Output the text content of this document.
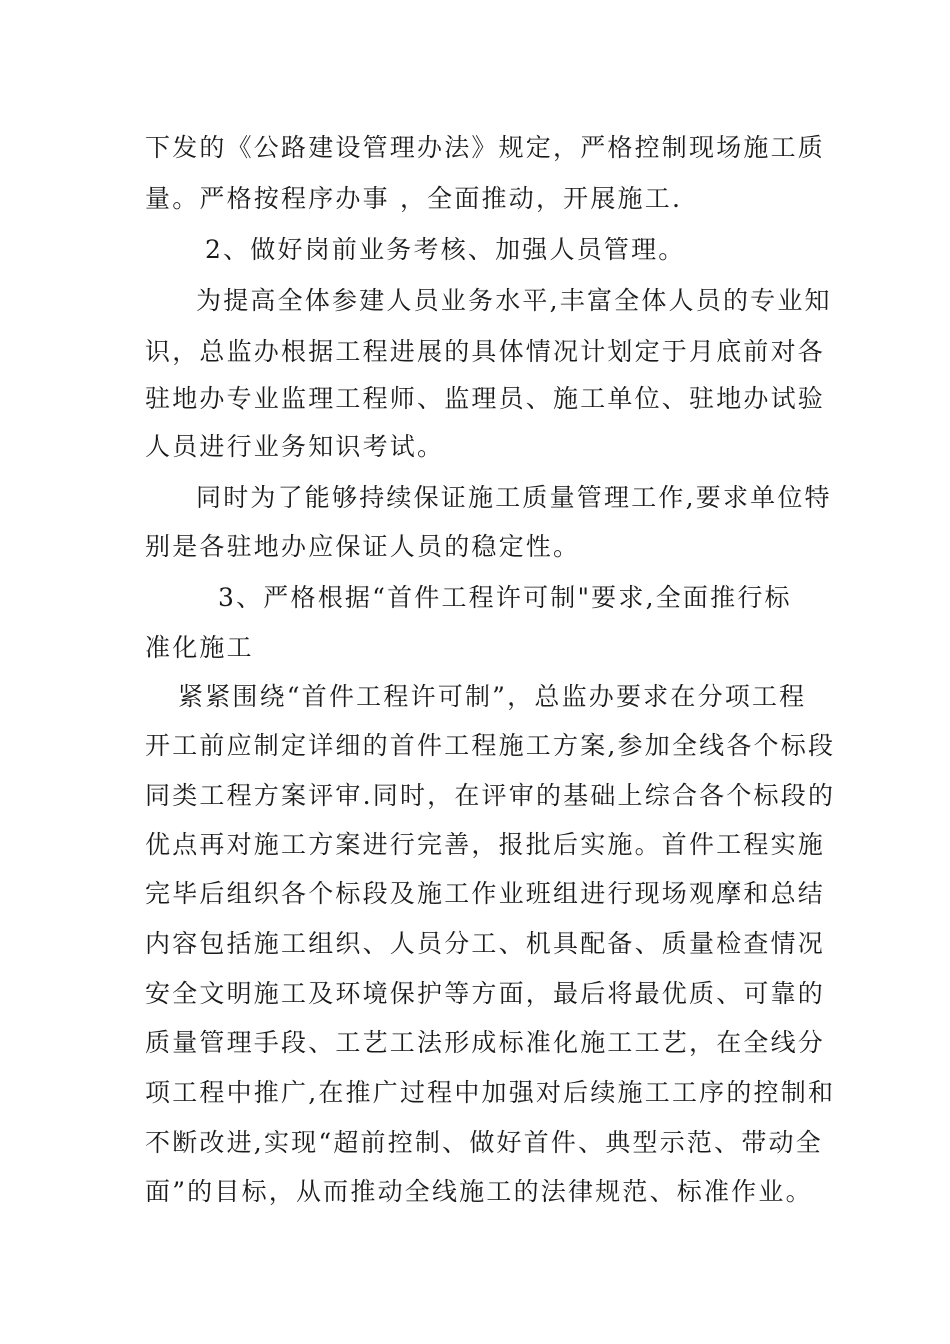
下发的《公路建设管理办法》规定，严格控制现场施工质
量。严格按程序办事 ，全面推动，开展施工.
2、做好岗前业务考核、加强人员管理。
为提高全体参建人员业务水平,丰富全体人员的专业知
识，总监办根据工程进展的具体情况计划定于月底前对各
驻地办专业监理工程师、监理员、施工单位、驻地办试验
人员进行业务知识考试。
同时为了能够持续保证施工质量管理工作,要求单位特
别是各驻地办应保证人员的稳定性。
3、严格根据“首件工程许可制"要求,全面推行标
准化施工
紧紧围绕“首件工程许可制”，总监办要求在分项工程
开工前应制定详细的首件工程施工方案,参加全线各个标段
同类工程方案评审.同时，在评审的基础上综合各个标段的
优点再对施工方案进行完善，报批后实施。首件工程实施
完毕后组织各个标段及施工作业班组进行现场观摩和总结
内容包括施工组织、人员分工、机具配备、质量检查情况
安全文明施工及环境保护等方面，最后将最优质、可靠的
质量管理手段、工艺工法形成标准化施工工艺，在全线分
项工程中推广,在推广过程中加强对后续施工工序的控制和
不断改进,实现“超前控制、做好首件、典型示范、带动全
面”的目标，从而推动全线施工的法律规范、标准作业。
